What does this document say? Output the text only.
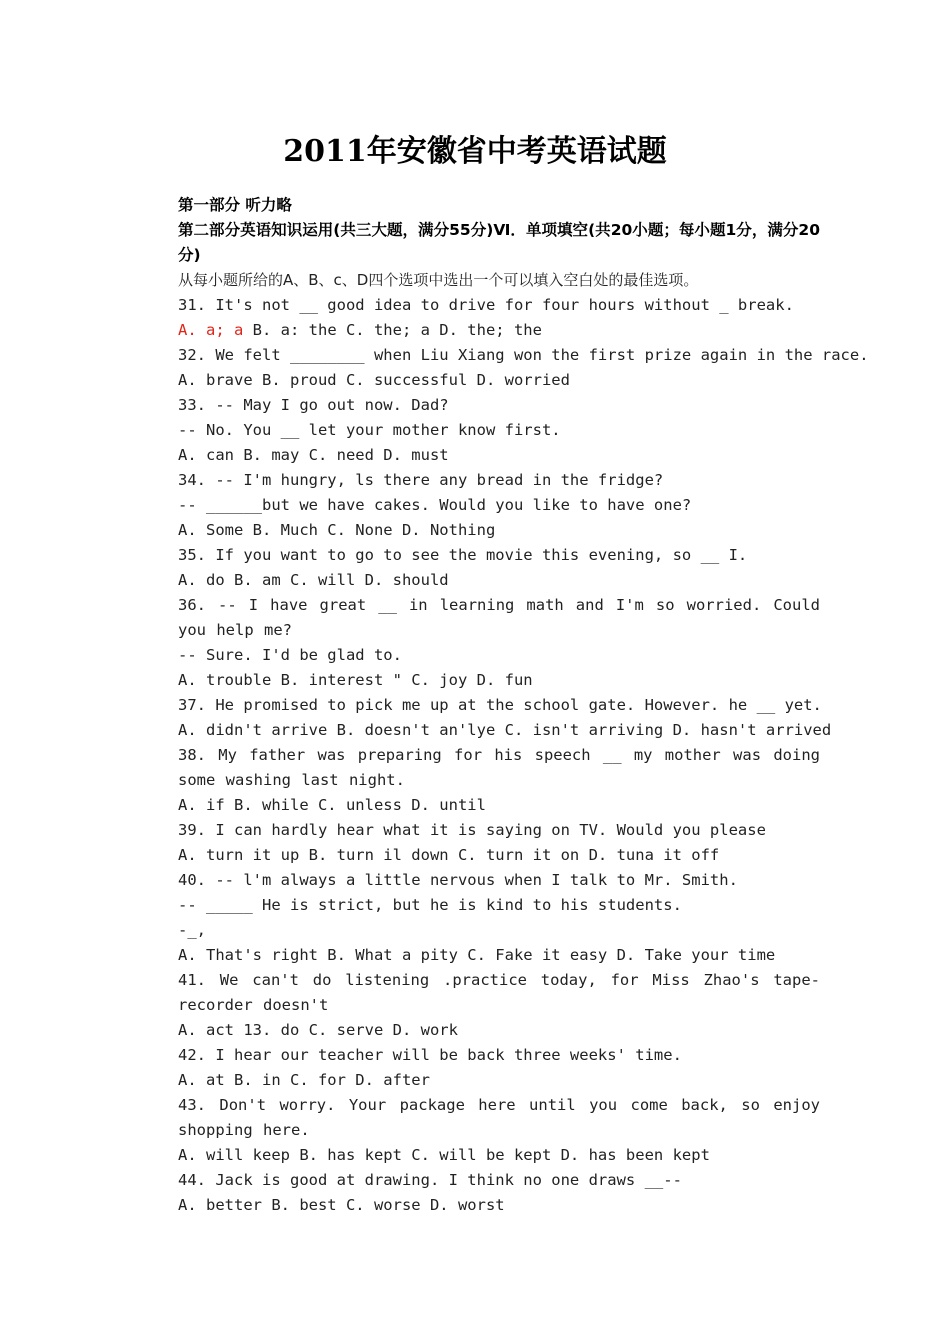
2011年安徽省中考英语试题
第一部分 听力略
第二部分英语知识运用(共三大题，满分55分)Ⅵ．单项填空(共20小题；每小题1分，满分20分)
从每小题所给的A、B、c、D四个选项中选出一个可以填入空白处的最佳选项。
31. It's not __ good idea to drive for four hours without _ break.
A. a; a B. a: the C. the; a D. the; the
32. We felt ________ when Liu Xiang won the first prize again in the race.
A. brave B. proud C. successful D. worried
33. -- May I go out now. Dad?
-- No. You __ let your mother know first.
A. can B. may C. need D. must
34. -- I'm hungry, ls there any bread in the fridge?
-- ______but we have cakes. Would you like to have one?
A. Some B. Much C. None D. Nothing
35. If you want to go to see the movie this evening, so __ I.
A. do B. am C. will D. should
36. -- I have great __ in learning math and I'm so worried. Could you help me?
-- Sure. I'd be glad to.
A. trouble B. interest " C. joy D. fun
37. He promised to pick me up at the school gate. However. he __ yet.
A. didn't arrive B. doesn't an'lye C. isn't arriving D. hasn't arrived
38. My father was preparing for his speech __ my mother was doing some washing last night.
A. if B. while C. unless D. until
39. I can hardly hear what it is saying on TV. Would you please
A. turn it up B. turn il down C. turn it on D. tuna it off
40. -- l'm always a little nervous when I talk to Mr. Smith.
-- _____ He is strict, but he is kind to his students.
-_,
A. That's right B. What a pity C. Fake it easy D. Take your time
41. We can't do listening .practice today, for Miss Zhao's tape-recorder doesn't
A. act 13. do C. serve D. work
42. I hear our teacher will be back three weeks' time.
A. at B. in C. for D. after
43. Don't worry. Your package here until you come back, so enjoy shopping here.
A. will keep B. has kept C. will be kept D. has been kept
44. Jack is good at drawing. I think no one draws __--
A. better B. best C. worse D. worst
